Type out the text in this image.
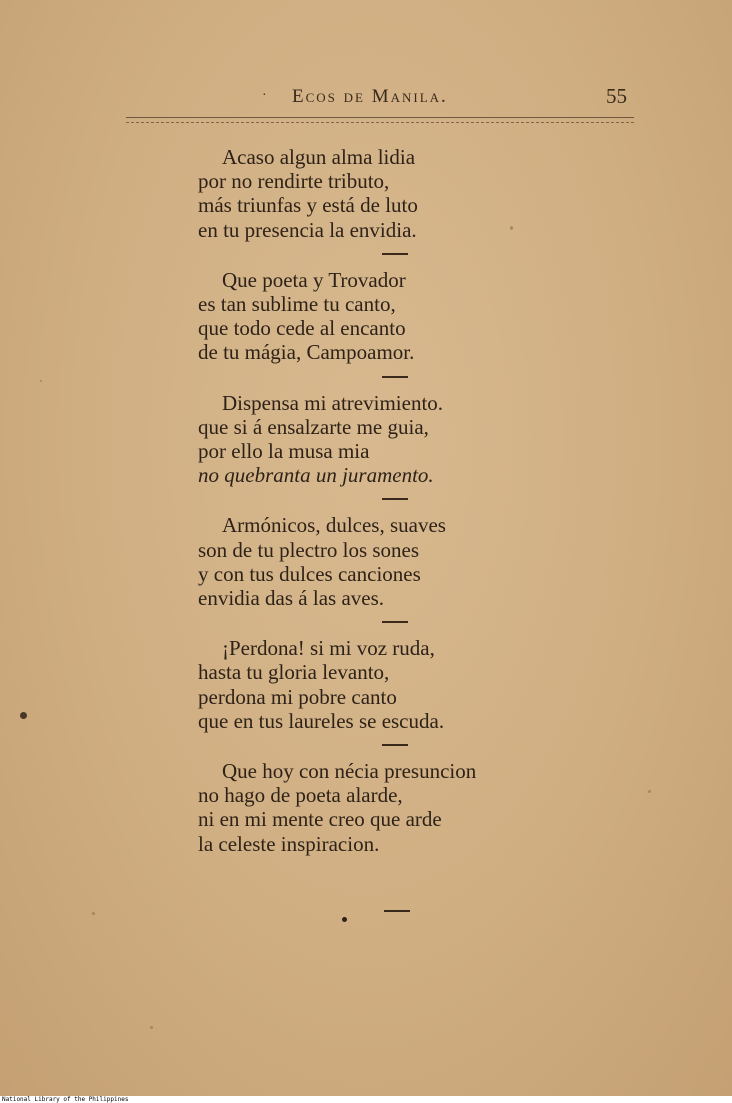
· Ecos de Manila.	55
Acaso algun alma lidia
por no rendirte tributo,
más triunfas y está de luto
en tu presencia la envidia.
Que poeta y Trovador
es tan sublime tu canto,
que todo cede al encanto
de tu mágia, Campoamor.
Dispensa mi atrevimiento.
que si á ensalzarte me guia,
por ello la musa mia
no quebranta un juramento.
Armónicos, dulces, suaves
son de tu plectro los sones
y con tus dulces canciones
envidia das á las aves.
¡Perdona! si mi voz ruda,
hasta tu gloria levanto,
perdona mi pobre canto
que en tus laureles se escuda.
Que hoy con nécia presuncion
no hago de poeta alarde,
ni en mi mente creo que arde
la celeste inspiracion.
National Library of the Philippines
